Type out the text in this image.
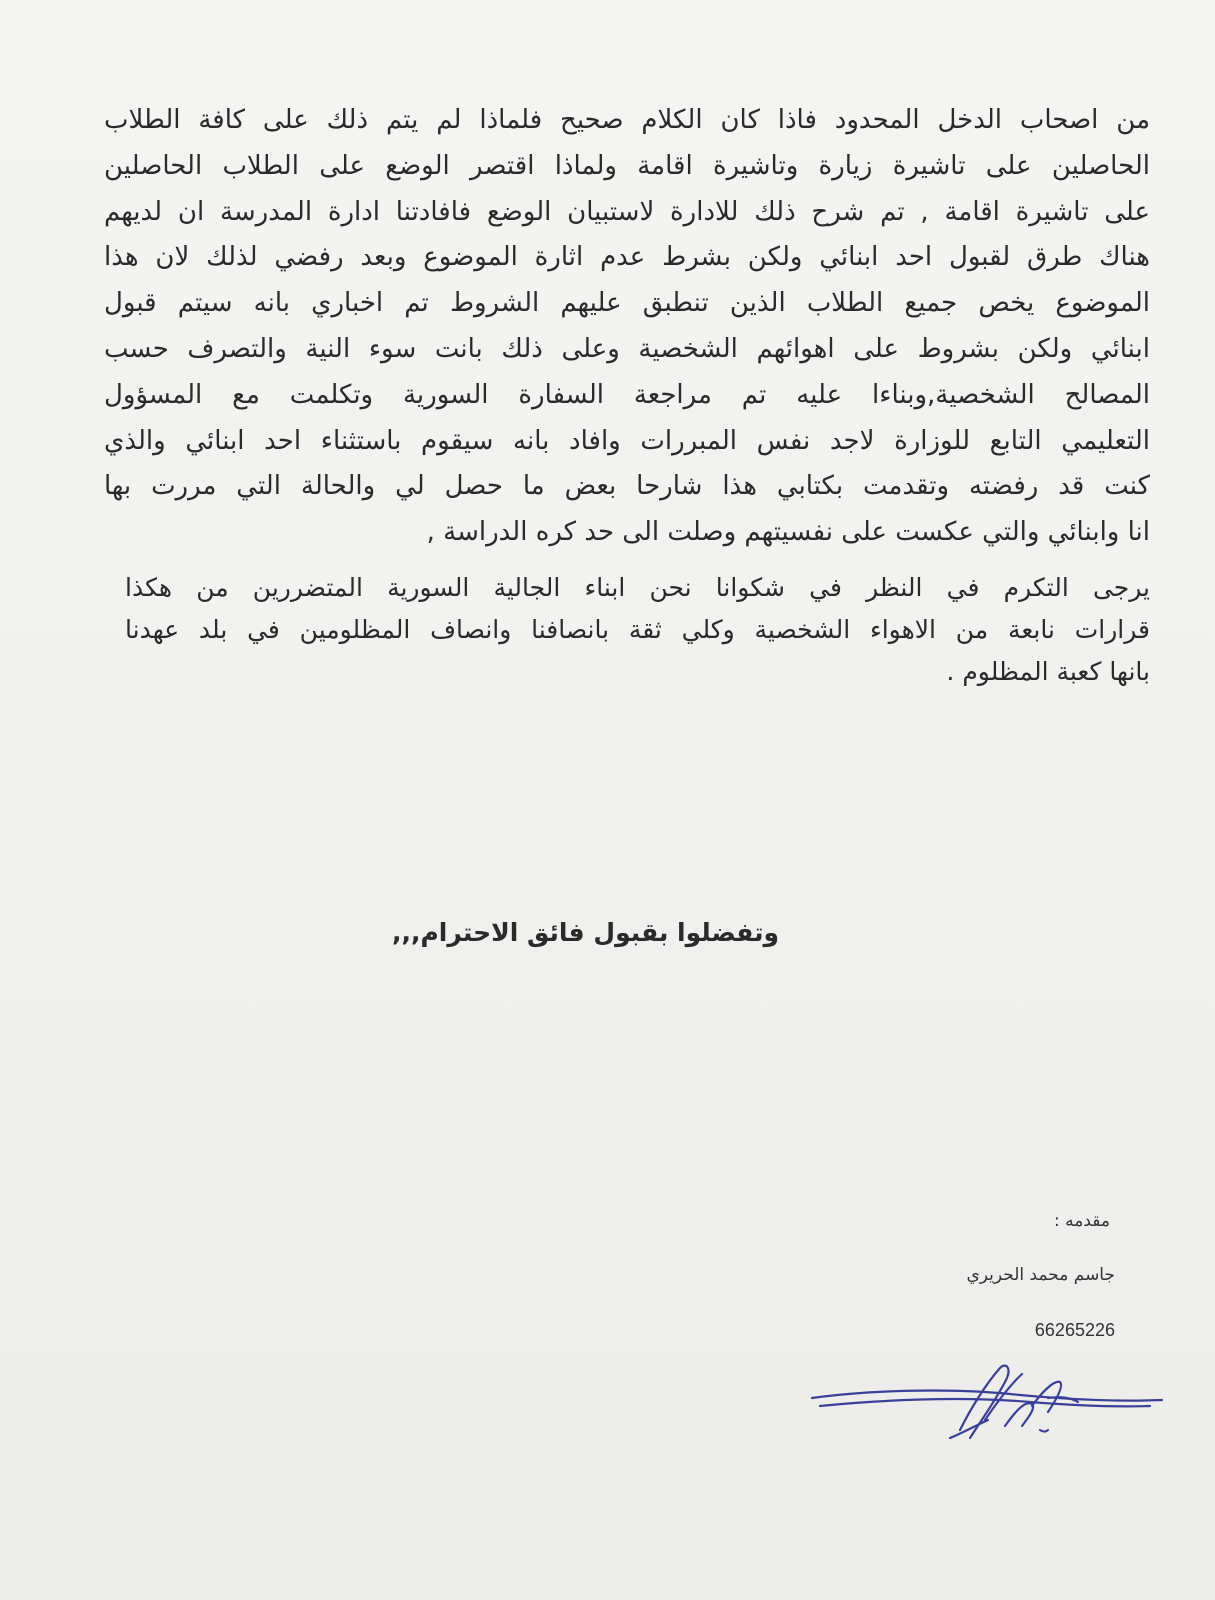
من اصحاب الدخل المحدود فاذا كان الكلام صحيح فلماذا لم يتم ذلك على كافة الطلاب
الحاصلين على تاشيرة زيارة وتاشيرة اقامة ولماذا اقتصر الوضع على الطلاب الحاصلين
على تاشيرة اقامة , تم شرح ذلك للادارة لاستبيان الوضع فافادتنا ادارة المدرسة ان لديهم
هناك طرق لقبول احد ابنائي ولكن بشرط عدم اثارة الموضوع وبعد رفضي لذلك لان هذا
الموضوع يخص جميع الطلاب الذين تنطبق عليهم الشروط تم اخباري بانه سيتم قبول
ابنائي ولكن بشروط على اهوائهم الشخصية وعلى ذلك بانت سوء النية والتصرف حسب
المصالح الشخصية,وبناءا عليه تم مراجعة السفارة السورية وتكلمت مع المسؤول
التعليمي التابع للوزارة لاجد نفس المبررات وافاد بانه سيقوم باستثناء احد ابنائي والذي
كنت قد رفضته وتقدمت بكتابي هذا شارحا بعض ما حصل لي والحالة التي مررت بها
انا وابنائي والتي عكست على نفسيتهم وصلت الى حد كره الدراسة ,
يرجى التكرم في النظر في شكوانا نحن ابناء الجالية السورية المتضررين من هكذا
قرارات نابعة من الاهواء الشخصية وكلي ثقة بانصافنا وانصاف المظلومين في بلد عهدنا
بانها كعبة المظلوم .
وتفضلوا بقبول فائق الاحترام,,,
مقدمه :
جاسم محمد الحريري
66265226
